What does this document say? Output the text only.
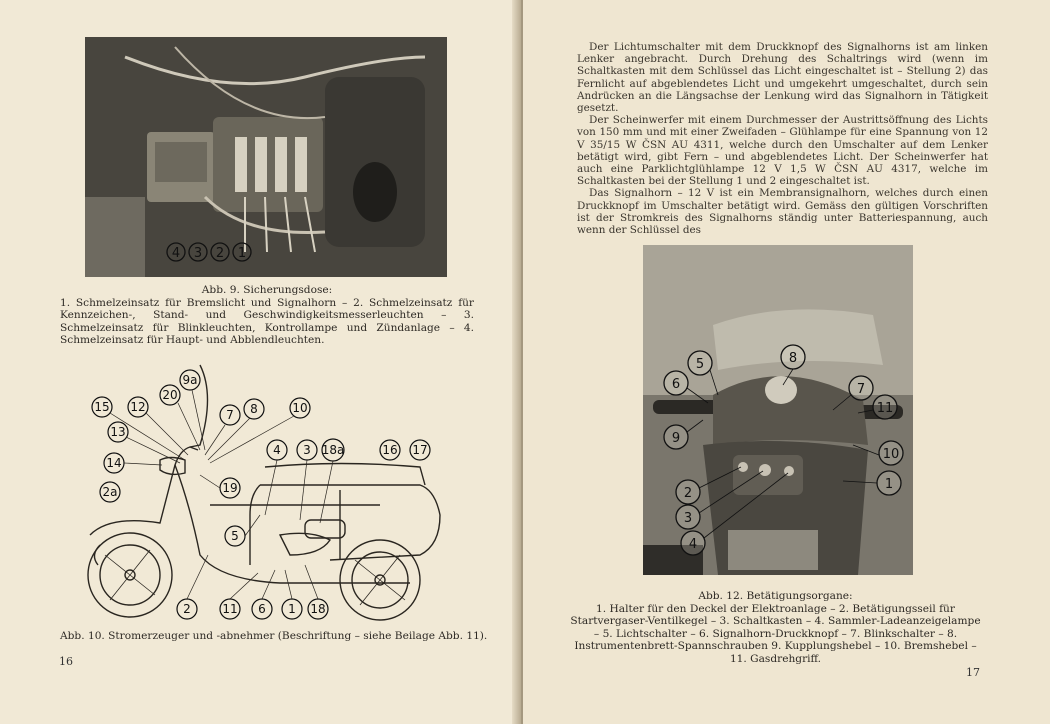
4 3 2 1
Abb. 9. Sicherungsdose:
1. Schmelzeinsatz für Bremslicht und Signalhorn – 2. Schmelzeinsatz für Kennzeichen-, Stand- und Geschwindigkeitsmesserleuchten – 3. Schmelzeinsatz für Blinkleuchten, Kontrollampe und Zündanlage – 4. Schmelzeinsatz für Haupt- und Abblendleuchten.
9a
20
15 12
13
7 8	10
14
4 3 18a	16 17
2a	19
5
2	11 6 1 18
Abb. 10. Stromerzeuger und -abnehmer (Beschriftung – siehe Beilage Abb. 11).
16

Der Lichtumschalter mit dem Druckknopf des Signalhorns ist am linken Lenker angebracht. Durch Drehung des Schaltrings wird (wenn im Schaltkasten mit dem Schlüssel das Licht eingeschaltet ist – Stellung 2) das Fernlicht auf abgeblendetes Licht und umgekehrt umgeschaltet, durch sein Andrücken an die Längsachse der Lenkung wird das Signalhorn in Tätigkeit gesetzt.

Der Scheinwerfer mit einem Durchmesser der Austrittsöffnung des Lichts von 150 mm und mit einer Zweifaden – Glühlampe für eine Spannung von 12 V 35/15 W ČSN AU 4311, welche durch den Umschalter auf dem Lenker betätigt wird, gibt Fern – und abgeblendetes Licht. Der Scheinwerfer hat auch eine Parklichtglühlampe 12 V 1,5 W ČSN AU 4317, welche im Schaltkasten bei der Stellung 1 und 2 eingeschaltet ist.

Das Signalhorn – 12 V ist ein Membransignalhorn, welches durch einen Druckknopf im Umschalter betätigt wird. Gemäss den gültigen Vorschriften ist der Stromkreis des Signalhorns ständig unter Batteriespannung, auch wenn der Schlüssel des

5	8
6	7
11
9
10
1
2
3
4
Abb. 12. Betätigungsorgane:
1. Halter für den Deckel der Elektroanlage – 2. Betätigungsseil für Startvergaser-Ventilkegel – 3. Schaltkasten – 4. Sammler-Ladeanzeigelampe – 5. Lichtschalter – 6. Signalhorn-Druckknopf – 7. Blinkschalter – 8. Instrumentenbrett-Spannschrauben 9. Kupplungshebel – 10. Bremshebel – 11. Gasdrehgriff.
17
